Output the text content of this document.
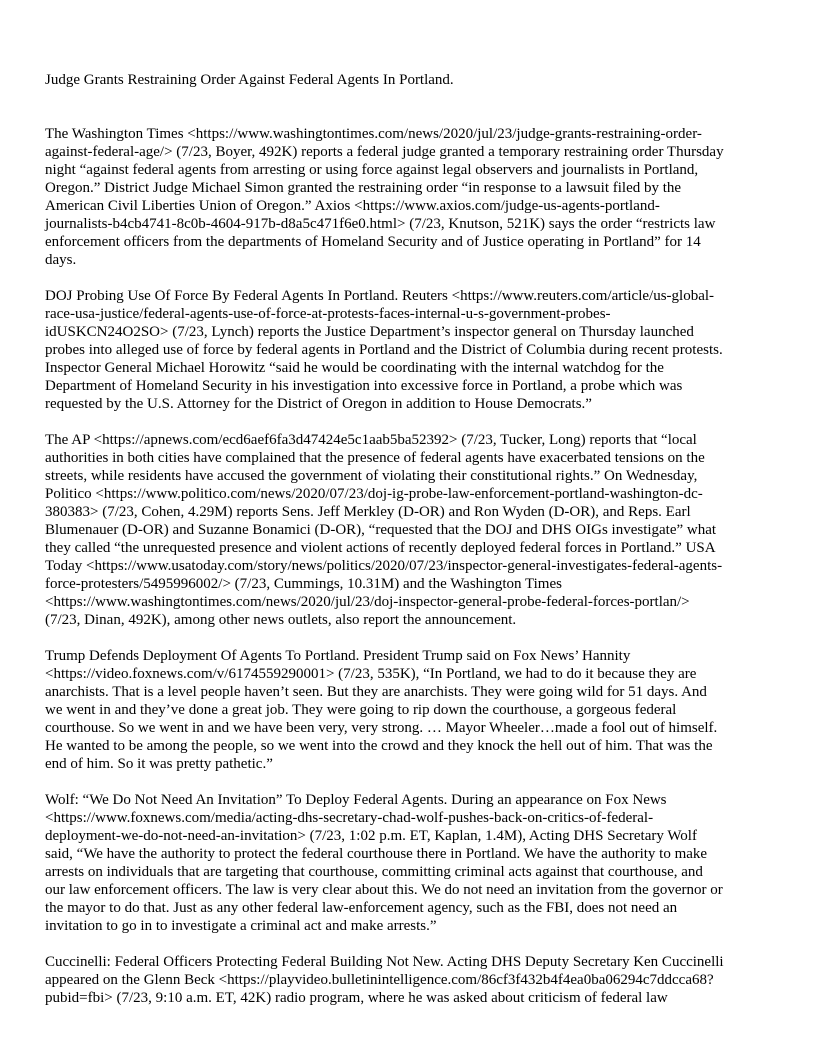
Judge Grants Restraining Order Against Federal Agents In Portland.

The Washington Times <https://www.washingtontimes.com/news/2020/jul/23/judge-grants-restraining-order-
against-federal-age/> (7/23, Boyer, 492K) reports a federal judge granted a temporary restraining order Thursday
night “against federal agents from arresting or using force against legal observers and journalists in Portland,
Oregon.” District Judge Michael Simon granted the restraining order “in response to a lawsuit filed by the
American Civil Liberties Union of Oregon.” Axios <https://www.axios.com/judge-us-agents-portland-
journalists-b4cb4741-8c0b-4604-917b-d8a5c471f6e0.html> (7/23, Knutson, 521K) says the order “restricts law
enforcement officers from the departments of Homeland Security and of Justice operating in Portland” for 14
days.

DOJ Probing Use Of Force By Federal Agents In Portland. Reuters <https://www.reuters.com/article/us-global-
race-usa-justice/federal-agents-use-of-force-at-protests-faces-internal-u-s-government-probes-
idUSKCN24O2SO> (7/23, Lynch) reports the Justice Department’s inspector general on Thursday launched
probes into alleged use of force by federal agents in Portland and the District of Columbia during recent protests.
Inspector General Michael Horowitz “said he would be coordinating with the internal watchdog for the
Department of Homeland Security in his investigation into excessive force in Portland, a probe which was
requested by the U.S. Attorney for the District of Oregon in addition to House Democrats.”

The AP <https://apnews.com/ecd6aef6fa3d47424e5c1aab5ba52392> (7/23, Tucker, Long) reports that “local
authorities in both cities have complained that the presence of federal agents have exacerbated tensions on the
streets, while residents have accused the government of violating their constitutional rights.” On Wednesday,
Politico <https://www.politico.com/news/2020/07/23/doj-ig-probe-law-enforcement-portland-washington-dc-
380383> (7/23, Cohen, 4.29M) reports Sens. Jeff Merkley (D-OR) and Ron Wyden (D-OR), and Reps. Earl
Blumenauer (D-OR) and Suzanne Bonamici (D-OR), “requested that the DOJ and DHS OIGs investigate” what
they called “the unrequested presence and violent actions of recently deployed federal forces in Portland.” USA
Today <https://www.usatoday.com/story/news/politics/2020/07/23/inspector-general-investigates-federal-agents-
force-protesters/5495996002/> (7/23, Cummings, 10.31M) and the Washington Times
<https://www.washingtontimes.com/news/2020/jul/23/doj-inspector-general-probe-federal-forces-portlan/>
(7/23, Dinan, 492K), among other news outlets, also report the announcement.

Trump Defends Deployment Of Agents To Portland. President Trump said on Fox News’ Hannity
<https://video.foxnews.com/v/6174559290001> (7/23, 535K), “In Portland, we had to do it because they are
anarchists. That is a level people haven’t seen. But they are anarchists. They were going wild for 51 days. And
we went in and they’ve done a great job. They were going to rip down the courthouse, a gorgeous federal
courthouse. So we went in and we have been very, very strong. … Mayor Wheeler…made a fool out of himself.
He wanted to be among the people, so we went into the crowd and they knock the hell out of him. That was the
end of him. So it was pretty pathetic.”

Wolf: “We Do Not Need An Invitation” To Deploy Federal Agents. During an appearance on Fox News
<https://www.foxnews.com/media/acting-dhs-secretary-chad-wolf-pushes-back-on-critics-of-federal-
deployment-we-do-not-need-an-invitation> (7/23, 1:02 p.m. ET, Kaplan, 1.4M), Acting DHS Secretary Wolf
said, “We have the authority to protect the federal courthouse there in Portland. We have the authority to make
arrests on individuals that are targeting that courthouse, committing criminal acts against that courthouse, and
our law enforcement officers. The law is very clear about this. We do not need an invitation from the governor or
the mayor to do that. Just as any other federal law-enforcement agency, such as the FBI, does not need an
invitation to go in to investigate a criminal act and make arrests.”

Cuccinelli: Federal Officers Protecting Federal Building Not New. Acting DHS Deputy Secretary Ken Cuccinelli
appeared on the Glenn Beck <https://playvideo.bulletinintelligence.com/86cf3f432b4f4ea0ba06294c7ddcca68?
pubid=fbi> (7/23, 9:10 a.m. ET, 42K) radio program, where he was asked about criticism of federal law
